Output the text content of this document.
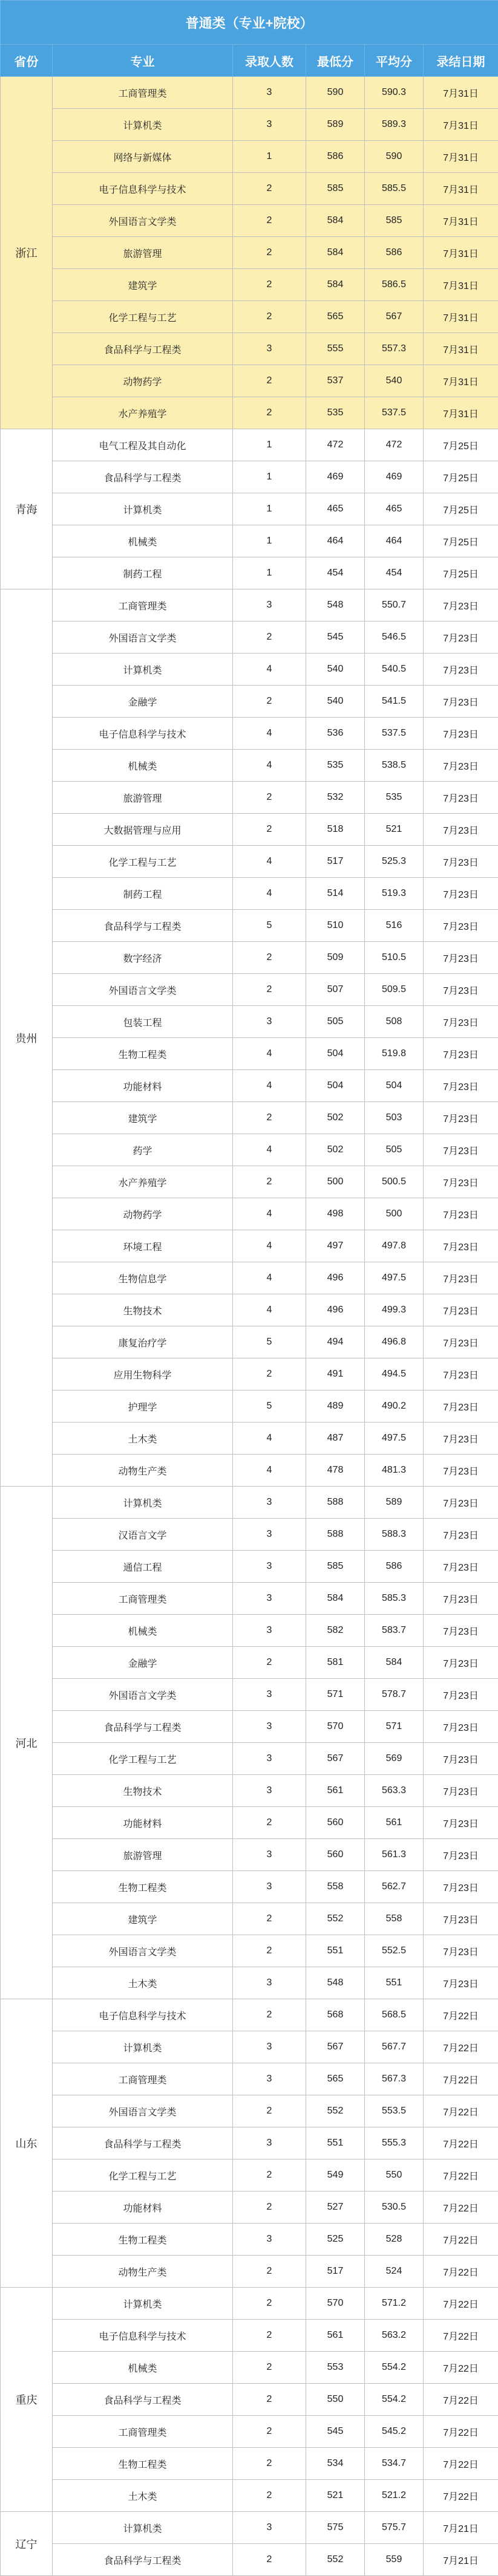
普通类（专业+院校）					
省份	专业	录取人数	最低分	平均分	录结日期
浙江	工商管理类	3	590	590.3	7月31日
	计算机类	3	589	589.3	7月31日
	网络与新媒体	1	586	590	7月31日
	电子信息科学与技术	2	585	585.5	7月31日
	外国语言文学类	2	584	585	7月31日
	旅游管理	2	584	586	7月31日
	建筑学	2	584	586.5	7月31日
	化学工程与工艺	2	565	567	7月31日
	食品科学与工程类	3	555	557.3	7月31日
	动物药学	2	537	540	7月31日
	水产养殖学	2	535	537.5	7月31日
青海	电气工程及其自动化	1	472	472	7月25日
	食品科学与工程类	1	469	469	7月25日
	计算机类	1	465	465	7月25日
	机械类	1	464	464	7月25日
	制药工程	1	454	454	7月25日
贵州	工商管理类	3	548	550.7	7月23日
	外国语言文学类	2	545	546.5	7月23日
	计算机类	4	540	540.5	7月23日
	金融学	2	540	541.5	7月23日
	电子信息科学与技术	4	536	537.5	7月23日
	机械类	4	535	538.5	7月23日
	旅游管理	2	532	535	7月23日
	大数据管理与应用	2	518	521	7月23日
	化学工程与工艺	4	517	525.3	7月23日
	制药工程	4	514	519.3	7月23日
	食品科学与工程类	5	510	516	7月23日
	数字经济	2	509	510.5	7月23日
	外国语言文学类	2	507	509.5	7月23日
	包装工程	3	505	508	7月23日
	生物工程类	4	504	519.8	7月23日
	功能材料	4	504	504	7月23日
	建筑学	2	502	503	7月23日
	药学	4	502	505	7月23日
	水产养殖学	2	500	500.5	7月23日
	动物药学	4	498	500	7月23日
	环境工程	4	497	497.8	7月23日
	生物信息学	4	496	497.5	7月23日
	生物技术	4	496	499.3	7月23日
	康复治疗学	5	494	496.8	7月23日
	应用生物科学	2	491	494.5	7月23日
	护理学	5	489	490.2	7月23日
	土木类	4	487	497.5	7月23日
	动物生产类	4	478	481.3	7月23日
河北	计算机类	3	588	589	7月23日
	汉语言文学	3	588	588.3	7月23日
	通信工程	3	585	586	7月23日
	工商管理类	3	584	585.3	7月23日
	机械类	3	582	583.7	7月23日
	金融学	2	581	584	7月23日
	外国语言文学类	3	571	578.7	7月23日
	食品科学与工程类	3	570	571	7月23日
	化学工程与工艺	3	567	569	7月23日
	生物技术	3	561	563.3	7月23日
	功能材料	2	560	561	7月23日
	旅游管理	3	560	561.3	7月23日
	生物工程类	3	558	562.7	7月23日
	建筑学	2	552	558	7月23日
	外国语言文学类	2	551	552.5	7月23日
	土木类	3	548	551	7月23日
山东	电子信息科学与技术	2	568	568.5	7月22日
	计算机类	3	567	567.7	7月22日
	工商管理类	3	565	567.3	7月22日
	外国语言文学类	2	552	553.5	7月22日
	食品科学与工程类	3	551	555.3	7月22日
	化学工程与工艺	2	549	550	7月22日
	功能材料	2	527	530.5	7月22日
	生物工程类	3	525	528	7月22日
	动物生产类	2	517	524	7月22日
重庆	计算机类	2	570	571.2	7月22日
	电子信息科学与技术	2	561	563.2	7月22日
	机械类	2	553	554.2	7月22日
	食品科学与工程类	2	550	554.2	7月22日
	工商管理类	2	545	545.2	7月22日
	生物工程类	2	534	534.7	7月22日
	土木类	2	521	521.2	7月22日
辽宁	计算机类	3	575	575.7	7月21日
	食品科学与工程类	2	552	559	7月21日
